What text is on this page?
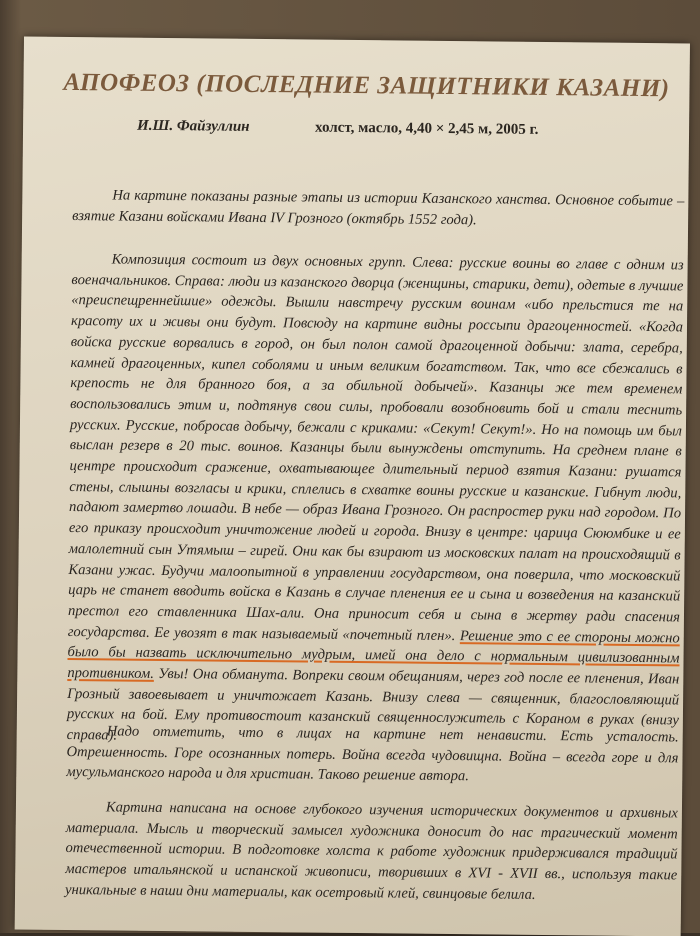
АПОФЕОЗ (ПОСЛЕДНИЕ ЗАЩИТНИКИ КАЗАНИ)
И.Ш. Файзуллин	холст, масло, 4,40 × 2,45 м, 2005 г.

На картине показаны разные этапы из истории Казанского ханства. Основное событие – взятие Казани войсками Ивана IV Грозного (октябрь 1552 года).

Композиция состоит из двух основных групп. Слева: русские воины во главе с одним из военачальников. Справа: люди из казанского дворца (женщины, старики, дети), одетые в лучшие «преиспещреннейшие» одежды. Вышли навстречу русским воинам «ибо прельстися те на красоту их и живы они будут. Повсюду на картине видны россыпи драгоценностей. «Когда войска русские ворвались в город, он был полон самой драгоценной добычи: злата, серебра, камней драгоценных, кипел соболями и иным великим богатством. Так, что все сбежались в крепость не для бранного боя, а за обильной добычей». Казанцы же тем временем воспользовались этим и, подтянув свои силы, пробовали возобновить бой и стали теснить русских. Русские, побросав добычу, бежали с криками: «Секут! Секут!». Но на помощь им был выслан резерв в 20 тыс. воинов. Казанцы были вынуждены отступить. На среднем плане в центре происходит сражение, охватывающее длительный период взятия Казани: рушатся стены, слышны возгласы и крики, сплелись в схватке воины русские и казанские. Гибнут люди, падают замертво лошади. В небе — образ Ивана Грозного. Он распростер руки над городом. По его приказу происходит уничтожение людей и города. Внизу в центре: царица Сююмбике и ее малолетний сын Утямыш – гирей. Они как бы взирают из московских палат на происходящий в Казани ужас. Будучи малоопытной в управлении государством, она поверила, что московский царь не станет вводить войска в Казань в случае пленения ее и сына и возведения на казанский престол его ставленника Шах-али. Она приносит себя и сына в жертву ради спасения государства. Ее увозят в так называемый «почетный плен». Решение это с ее стороны можно было бы назвать исключительно мудрым, имей она дело с нормальным цивилизованным противником. Увы! Она обманута. Вопреки своим обещаниям, через год после ее пленения, Иван Грозный завоевывает и уничтожает Казань. Внизу слева — священник, благословляющий русских на бой. Ему противостоит казанский священнослужитель с Кораном в руках (внизу справа).

Надо отметить, что в лицах на картине нет ненависти. Есть усталость. Отрешенность. Горе осознанных потерь. Война всегда чудовищна. Война – всегда горе и для мусульманского народа и для христиан. Таково решение автора.

Картина написана на основе глубокого изучения исторических документов и архивных материала. Мысль и творческий замысел художника доносит до нас трагический момент отечественной истории. В подготовке холста к работе художник придерживался традиций мастеров итальянской и испанской живописи, творивших в XVI - XVII вв., используя такие уникальные в наши дни материалы, как осетровый клей, свинцовые белила.
